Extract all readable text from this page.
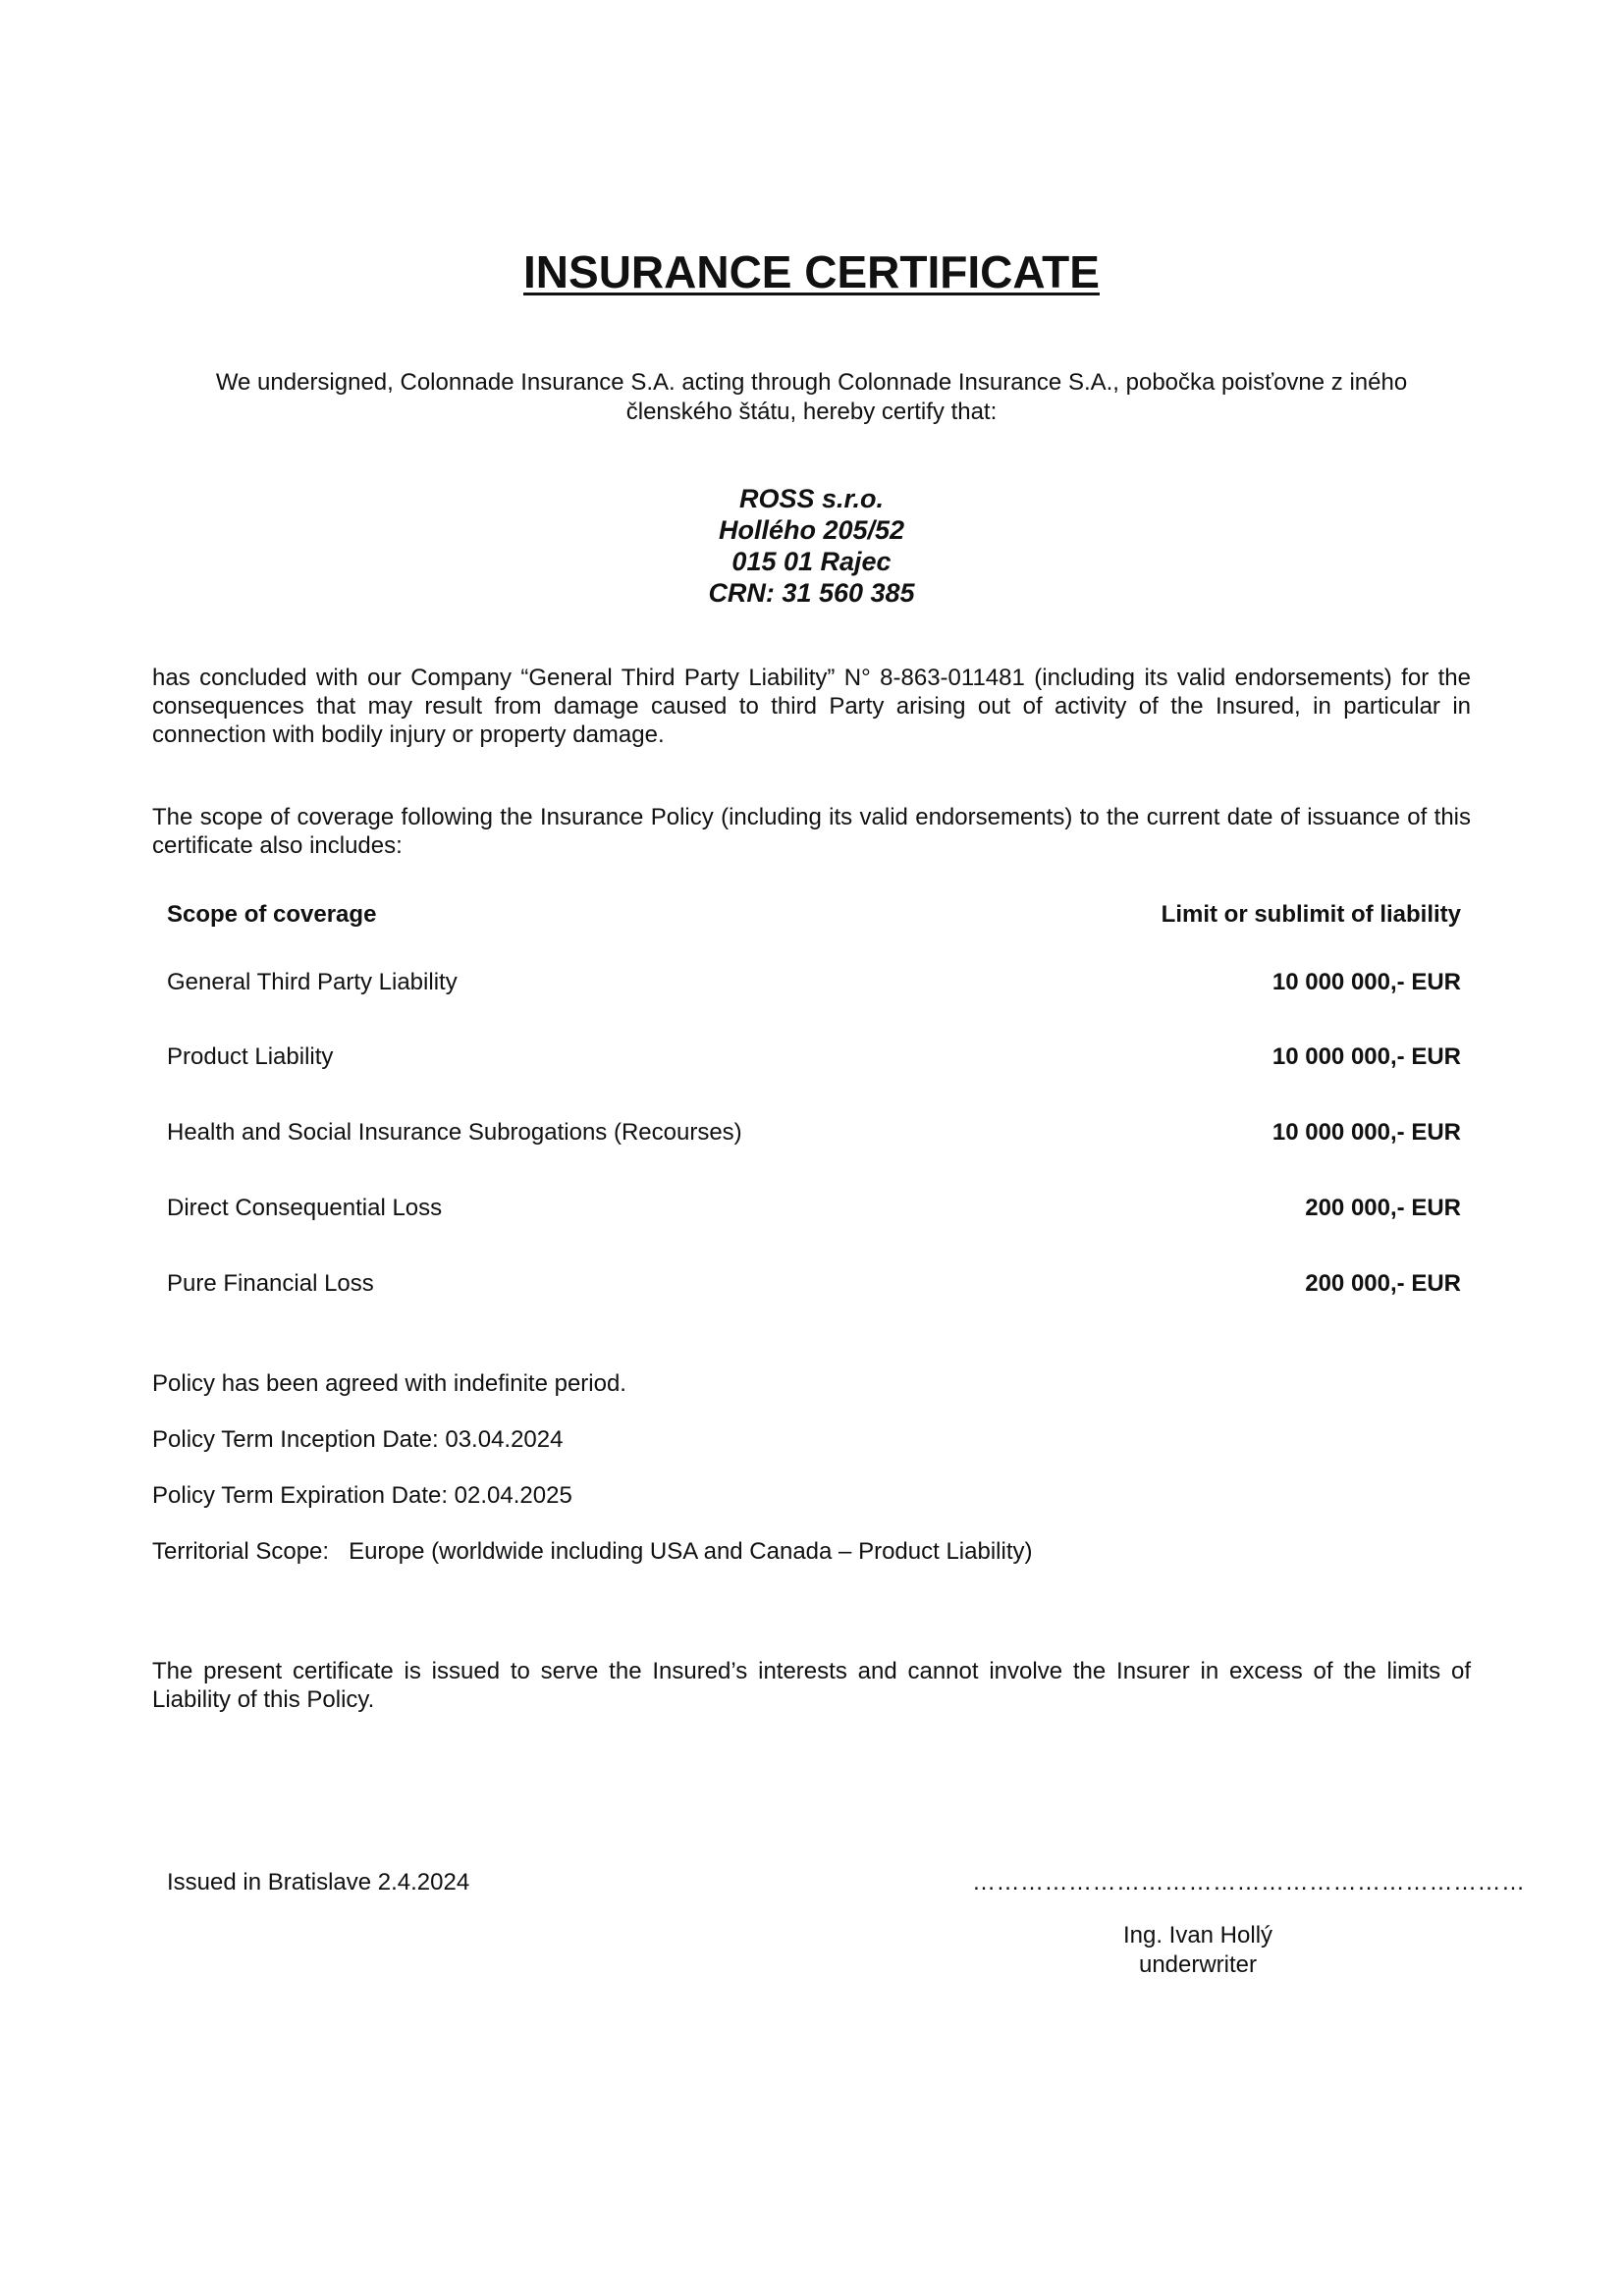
INSURANCE CERTIFICATE
We undersigned, Colonnade Insurance S.A. acting through Colonnade Insurance S.A., pobočka poisťovne z iného
členského štátu, hereby certify that:
ROSS s.r.o.
Hollého 205/52
015 01 Rajec
CRN: 31 560 385
has concluded with our Company “General Third Party Liability” N° 8-863-011481 (including its valid endorsements) for the consequences that may result from damage caused to third Party arising out of activity of the Insured, in particular in connection with bodily injury or property damage.
The scope of coverage following the Insurance Policy (including its valid endorsements) to the current date of issuance of this certificate also includes:
Scope of coverage	Limit or sublimit of liability
General Third Party Liability	10 000 000,- EUR
Product Liability	10 000 000,- EUR
Health and Social Insurance Subrogations (Recourses)	10 000 000,- EUR
Direct Consequential Loss	200 000,- EUR
Pure Financial Loss	200 000,- EUR
Policy has been agreed with indefinite period.
Policy Term Inception Date: 03.04.2024
Policy Term Expiration Date: 02.04.2025
Territorial Scope:   Europe (worldwide including USA and Canada – Product Liability)
The present certificate is issued to serve the Insured’s interests and cannot involve the Insurer in excess of the limits of Liability of this Policy.
Issued in Bratislave 2.4.2024	……………………………………………………………
Ing. Ivan Hollý
underwriter
